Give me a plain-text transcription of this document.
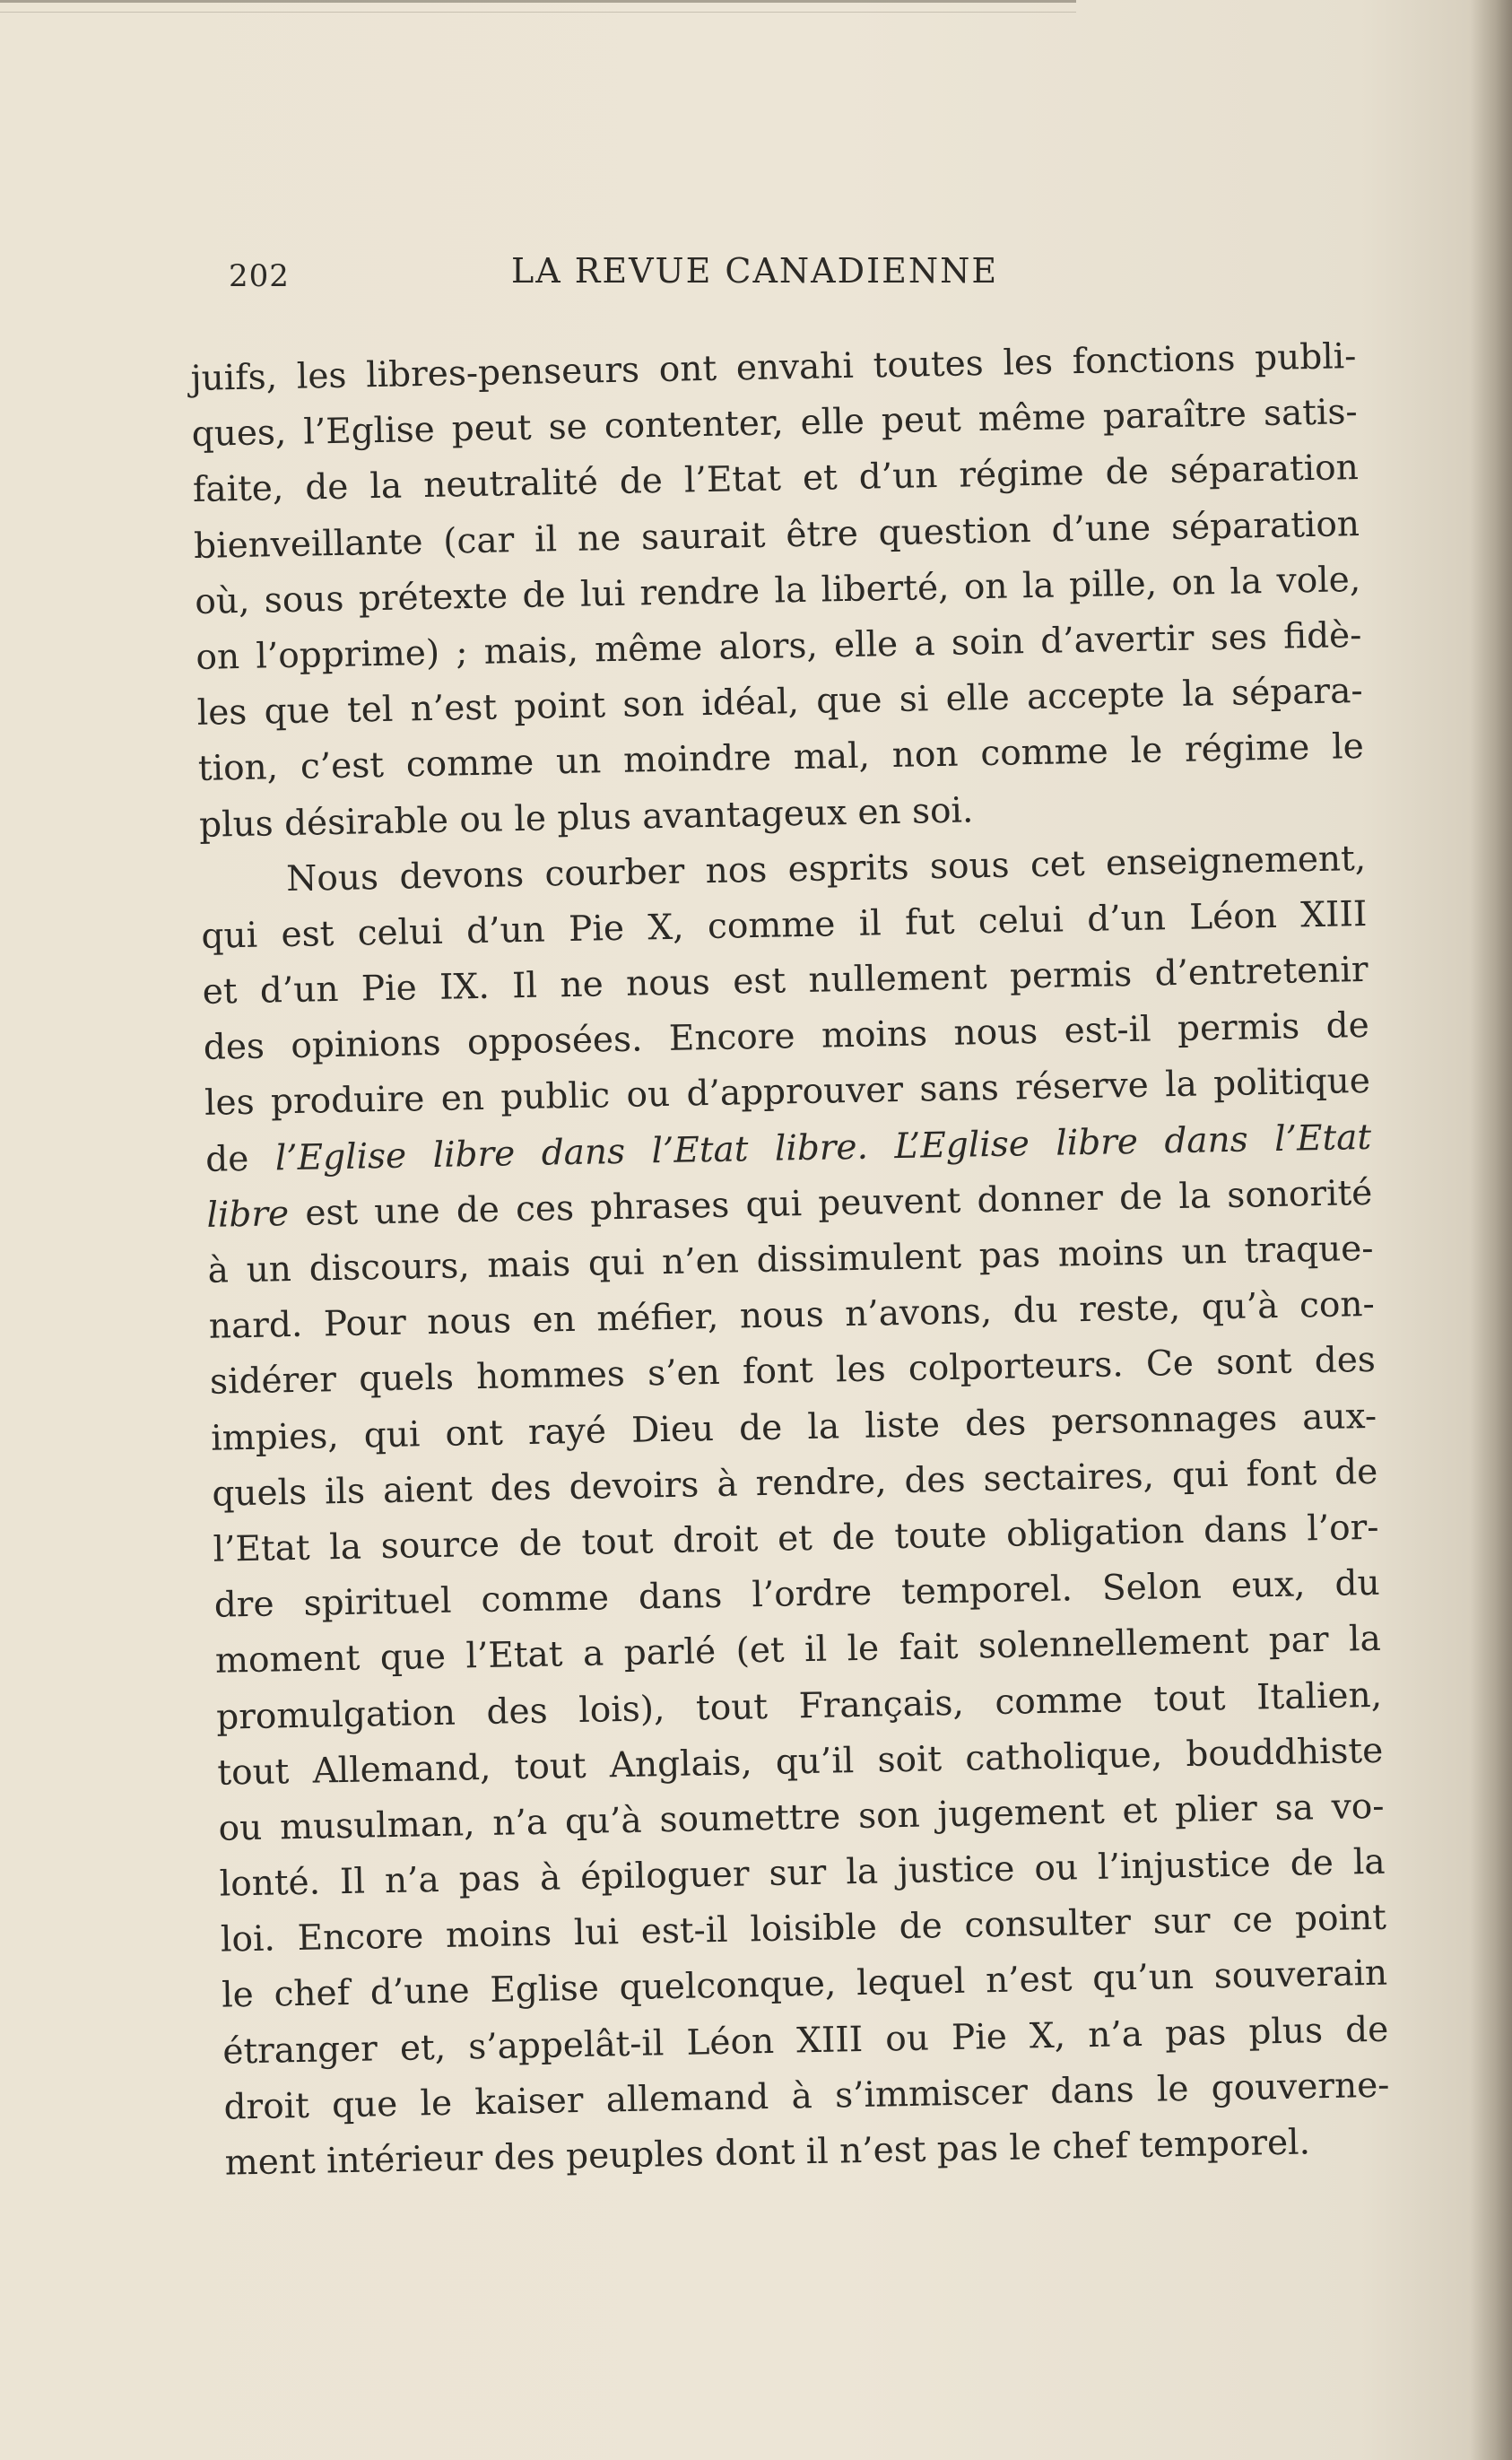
202	LA REVUE CANADIENNE
juifs, les libres-penseurs ont envahi toutes les fonctions publi-
ques, l’Eglise peut se contenter, elle peut même paraître satis-
faite, de la neutralité de l’Etat et d’un régime de séparation
bienveillante (car il ne saurait être question d’une séparation
où, sous prétexte de lui rendre la liberté, on la pille, on la vole,
on l’opprime) ; mais, même alors, elle a soin d’avertir ses fidè-
les que tel n’est point son idéal, que si elle accepte la sépara-
tion, c’est comme un moindre mal, non comme le régime le
plus désirable ou le plus avantageux en soi.
Nous devons courber nos esprits sous cet enseignement,
qui est celui d’un Pie X, comme il fut celui d’un Léon XIII
et d’un Pie IX. Il ne nous est nullement permis d’entretenir
des opinions opposées. Encore moins nous est-il permis de
les produire en public ou d’approuver sans réserve la politique
de l’Eglise libre dans l’Etat libre. L’Eglise libre dans l’Etat
libre est une de ces phrases qui peuvent donner de la sonorité
à un discours, mais qui n’en dissimulent pas moins un traque-
nard. Pour nous en méfier, nous n’avons, du reste, qu’à con-
sidérer quels hommes s’en font les colporteurs. Ce sont des
impies, qui ont rayé Dieu de la liste des personnages aux-
quels ils aient des devoirs à rendre, des sectaires, qui font de
l’Etat la source de tout droit et de toute obligation dans l’or-
dre spirituel comme dans l’ordre temporel. Selon eux, du
moment que l’Etat a parlé (et il le fait solennellement par la
promulgation des lois), tout Français, comme tout Italien,
tout Allemand, tout Anglais, qu’il soit catholique, bouddhiste
ou musulman, n’a qu’à soumettre son jugement et plier sa vo-
lonté. Il n’a pas à épiloguer sur la justice ou l’injustice de la
loi. Encore moins lui est-il loisible de consulter sur ce point
le chef d’une Eglise quelconque, lequel n’est qu’un souverain
étranger et, s’appelât-il Léon XIII ou Pie X, n’a pas plus de
droit que le kaiser allemand à s’immiscer dans le gouverne-
ment intérieur des peuples dont il n’est pas le chef temporel.
